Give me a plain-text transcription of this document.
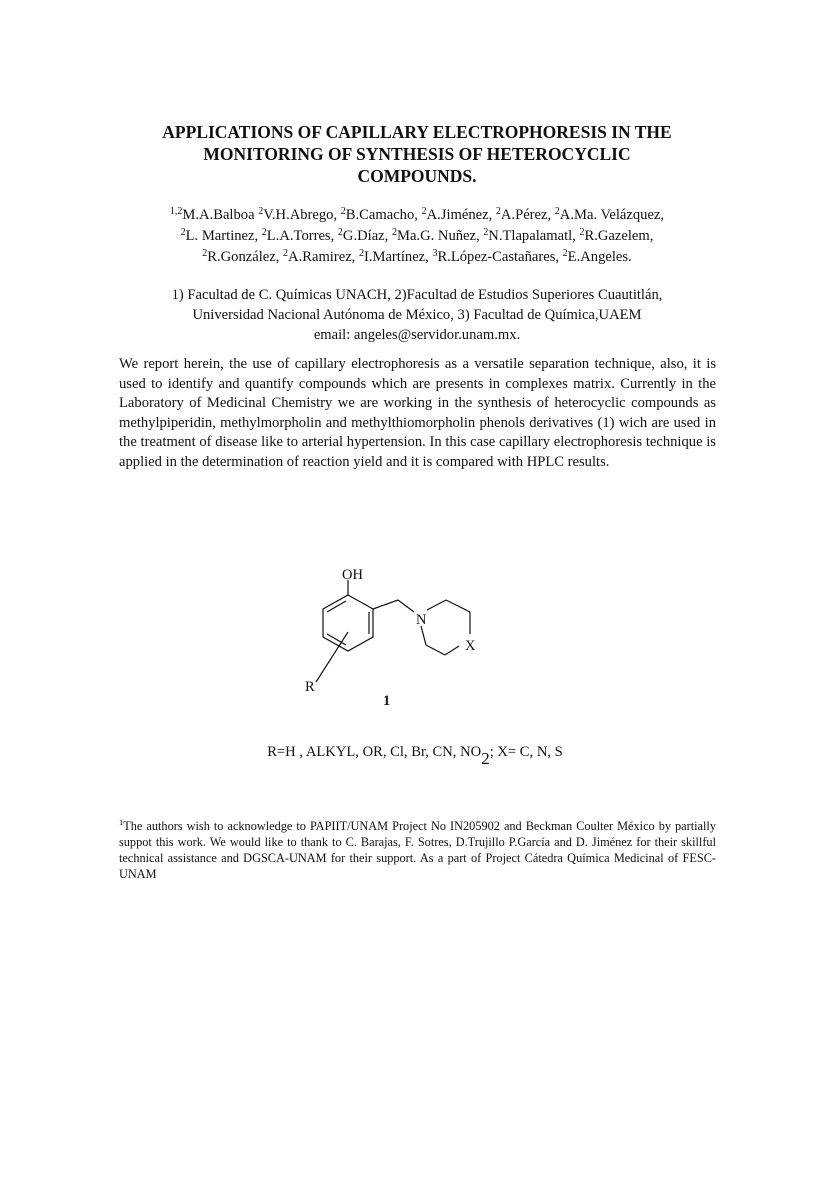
APPLICATIONS OF CAPILLARY ELECTROPHORESIS IN THE
MONITORING OF SYNTHESIS OF HETEROCYCLIC
COMPOUNDS.
$^{1,2}$M.A.Balboa $^2$V.H.Abrego, $^2$B.Camacho, $^2$A.Jiménez, $^2$A.Pérez, $^2$A.Ma. Velázquez,
$^2$L. Martinez, $^2$L.A.Torres, $^2$G.Díaz, $^2$Ma.G. Nuñez, $^2$N.Tlapalamatl, $^2$R.Gazelem,
$^2$R.González, $^2$A.Ramirez, $^2$I.Martínez, $^3$R.López-Castañares, $^2$E.Angeles.
1) Facultad de C. Químicas UNACH, 2)Facultad de Estudios Superiores Cuautitlán,
Universidad Nacional Autónoma de México, 3) Facultad de Química,UAEM
email: angeles@servidor.unam.mx.
We report herein, the use of capillary electrophoresis as a versatile separation technique, also, it is used to identify and quantify compounds which are presents in complexes matrix. Currently in the Laboratory of Medicinal Chemistry we are working in the synthesis of heterocyclic compounds as methylpiperidin, methylmorpholin and methylthiomorpholin phenols derivatives (1) wich are used in the treatment of disease like to arterial hypertension. In this case capillary electrophoresis technique is applied in the determination of reaction yield and it is compared with HPLC results.
OH
N
X
R
1
R=H , ALKYL, OR, Cl, Br, CN, NO2; X= C, N, S
$^1$The authors wish to acknowledge to PAPIIT/UNAM Project No IN205902 and Beckman Coulter México by partially suppot this work. We would like to thank to C. Barajas, F. Sotres, D.Trujillo P.García and D. Jiménez for their skillful technical assistance and DGSCA-UNAM for their support. As a part of Project Cátedra Química Medicinal of FESC-UNAM
